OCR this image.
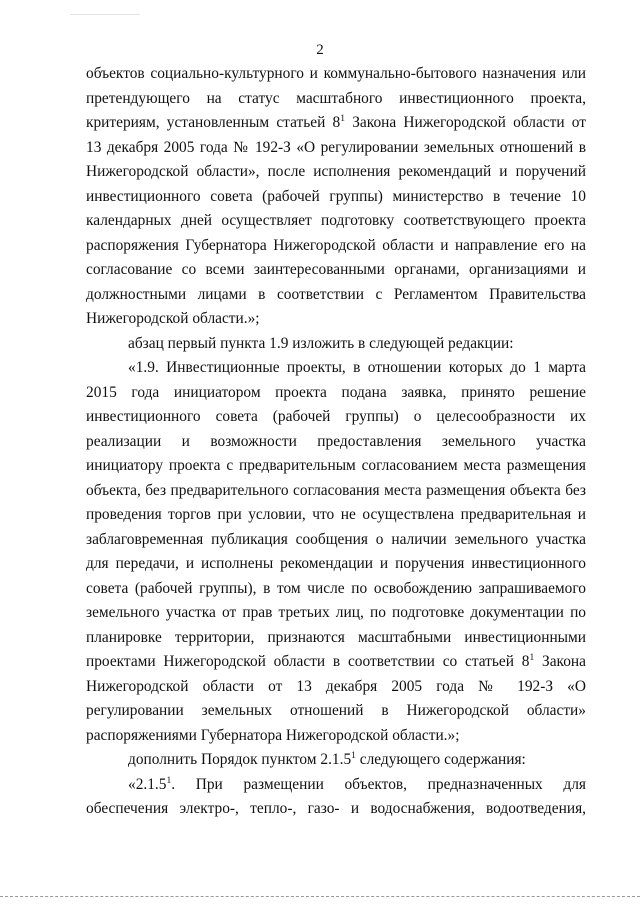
2
объектов социально-культурного и коммунально-бытового назначения или
претендующего на статус масштабного инвестиционного проекта,
критериям, установленным статьей $8^1$ Закона Нижегородской области от
13 декабря 2005 года № 192-З «О регулировании земельных отношений в
Нижегородской области», после исполнения рекомендаций и поручений
инвестиционного совета (рабочей группы) министерство в течение 10
календарных дней осуществляет подготовку соответствующего проекта
распоряжения Губернатора Нижегородской области и направление его на
согласование со всеми заинтересованными органами, организациями и
должностными лицами в соответствии с Регламентом Правительства
Нижегородской области.»;
абзац первый пункта 1.9 изложить в следующей редакции:
«1.9. Инвестиционные проекты, в отношении которых до 1 марта
2015 года инициатором проекта подана заявка, принято решение
инвестиционного совета (рабочей группы) о целесообразности их
реализации и возможности предоставления земельного участка
инициатору проекта с предварительным согласованием места размещения
объекта, без предварительного согласования места размещения объекта без
проведения торгов при условии, что не осуществлена предварительная и
заблаговременная публикация сообщения о наличии земельного участка
для передачи, и исполнены рекомендации и поручения инвестиционного
совета (рабочей группы), в том числе по освобождению запрашиваемого
земельного участка от прав третьих лиц, по подготовке документации по
планировке территории, признаются масштабными инвестиционными
проектами Нижегородской области в соответствии со статьей $8^1$ Закона
Нижегородской области от 13 декабря 2005 года № 192-З «О
регулировании земельных отношений в Нижегородской области»
распоряжениями Губернатора Нижегородской области.»;
дополнить Порядок пунктом 2.1.5$^1$ следующего содержания:
«2.1.5$^1$. При размещении объектов, предназначенных для
обеспечения электро-, тепло-, газо- и водоснабжения, водоотведения,
